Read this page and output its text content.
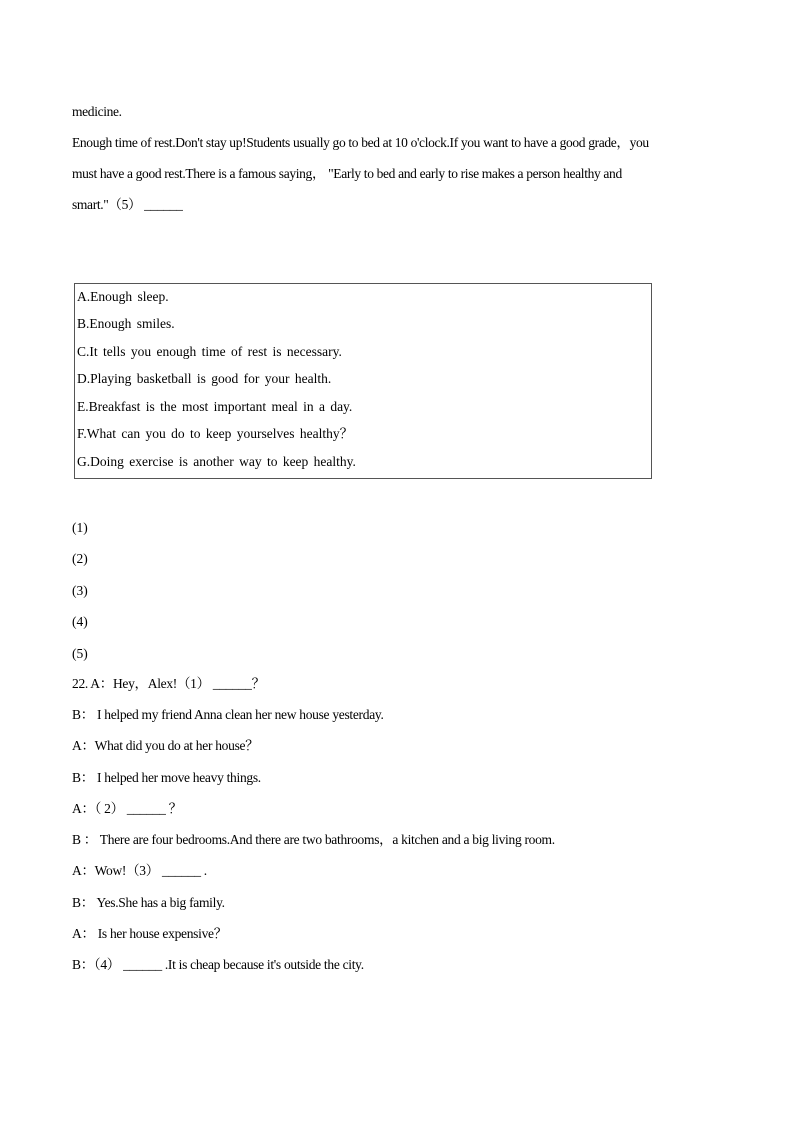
medicine.
Enough time of rest.Don't stay up!Students usually go to bed at 10 o'clock.If you want to have a good grade，you
must have a good rest.There is a famous saying， "Early to bed and early to rise makes a person healthy and
smart."（5） ______
A.Enough sleep.
B.Enough smiles.
C.It tells you enough time of rest is necessary.
D.Playing basketball is good for your health.
E.Breakfast is the most important meal in a day.
F.What can you do to keep yourselves healthy？
G.Doing exercise is another way to keep healthy.
(1)
(2)
(3)
(4)
(5)
22. A：Hey，Alex!（1） ______？
B： I helped my friend Anna clean her new house yesterday.
A：What did you do at her house？
B： I helped her move heavy things.
A：（ 2） ______ ？
B ： There are four bedrooms.And there are two bathrooms，a kitchen and a big living room.
A：Wow!（3） ______ .
B： Yes.She has a big family.
A： Is her house expensive？
B：（4） ______ .It is cheap because it's outside the city.
